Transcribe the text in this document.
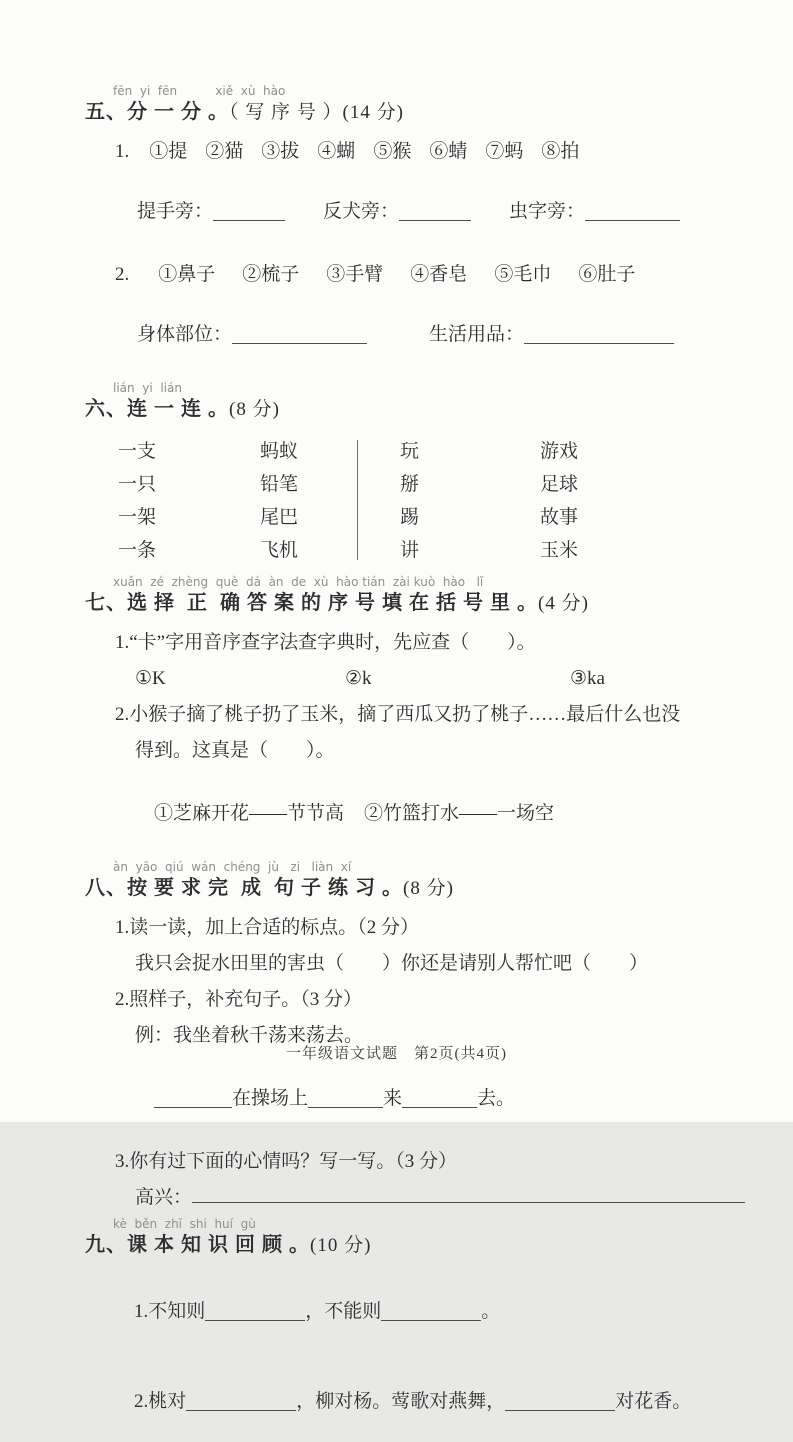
fēn  yi  fēn          xiě  xù  hào
五、分 一 分 。（ 写 序 号 ）(14 分)
1. ①提 ②猫 ③拔 ④蝴 ⑤猴 ⑥蜻 ⑦蚂 ⑧拍

提手旁：	反犬旁：	虫字旁：

2. ①鼻子 ②梳子 ③手臂 ④香皂 ⑤毛巾 ⑥肚子

身体部位：	生活用品：

lián  yi  lián
六、连 一 连 。(8 分)
一支	蚂蚁	玩	游戏
一只	铅笔	掰	足球
一架	尾巴	踢	故事
一条	飞机	讲	玉米
xuǎn  zé  zhèng  què  dá  àn  de  xù  hào tián  zài kuò  hào   lǐ
七、选 择  正  确 答 案 的 序 号 填 在 括 号 里 。(4 分)
1.“卡”字用音序查字法查字典时，先应查（　　）。
①K	②k	③ka
2.小猴子摘了桃子扔了玉米，摘了西瓜又扔了桃子……最后什么也没
得到。这真是（　　）。

①芝麻开花——节节高 ②竹篮打水——一场空

àn  yāo  qiú  wán  chéng  jù   zi   liàn  xí
八、按 要 求 完  成  句 子 练 习 。(8 分)
1.读一读，加上合适的标点。（2 分）
我只会捉水田里的害虫（　　）你还是请别人帮忙吧（　　）
2.照样子，补充句子。（3 分）
例：我坐着秋千荡来荡去。

在操场上	来	去。

3.你有过下面的心情吗？写一写。（3 分）
高兴：
kè  běn  zhī  shi  huí  gù
九、课 本 知 识 回 顾 。(10 分)

1.不知则	，不能则	。

2.桃对	，柳对杨。莺歌对燕舞，	对花香。

一年级语文试题　第2页(共4页)
